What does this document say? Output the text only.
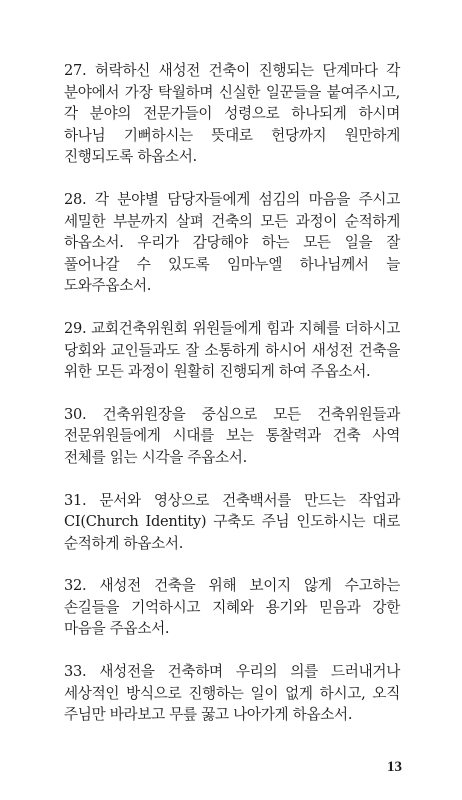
27. 허락하신 새성전 건축이 진행되는 단계마다 각 분야에서 가장 탁월하며 신실한 일꾼들을 붙여주시고, 각 분야의 전문가들이 성령으로 하나되게 하시며 하나님 기뻐하시는 뜻대로 헌당까지 원만하게 진행되도록 하옵소서.

28. 각 분야별 담당자들에게 섬김의 마음을 주시고 세밀한 부분까지 살펴 건축의 모든 과정이 순적하게 하옵소서. 우리가 감당해야 하는 모든 일을 잘 풀어나갈 수 있도록 임마누엘 하나님께서 늘 도와주옵소서.

29. 교회건축위원회 위원들에게 힘과 지혜를 더하시고 당회와 교인들과도 잘 소통하게 하시어 새성전 건축을 위한 모든 과정이 원활히 진행되게 하여 주옵소서.

30. 건축위원장을 중심으로 모든 건축위원들과 전문위원들에게 시대를 보는 통찰력과 건축 사역 전체를 읽는 시각을 주옵소서.

31. 문서와 영상으로 건축백서를 만드는 작업과 CI(Church Identity) 구축도 주님 인도하시는 대로 순적하게 하옵소서.

32. 새성전 건축을 위해 보이지 않게 수고하는 손길들을 기억하시고 지혜와 용기와 믿음과 강한 마음을 주옵소서.

33. 새성전을 건축하며 우리의 의를 드러내거나 세상적인 방식으로 진행하는 일이 없게 하시고, 오직 주님만 바라보고 무릎 꿇고 나아가게 하옵소서.

13
